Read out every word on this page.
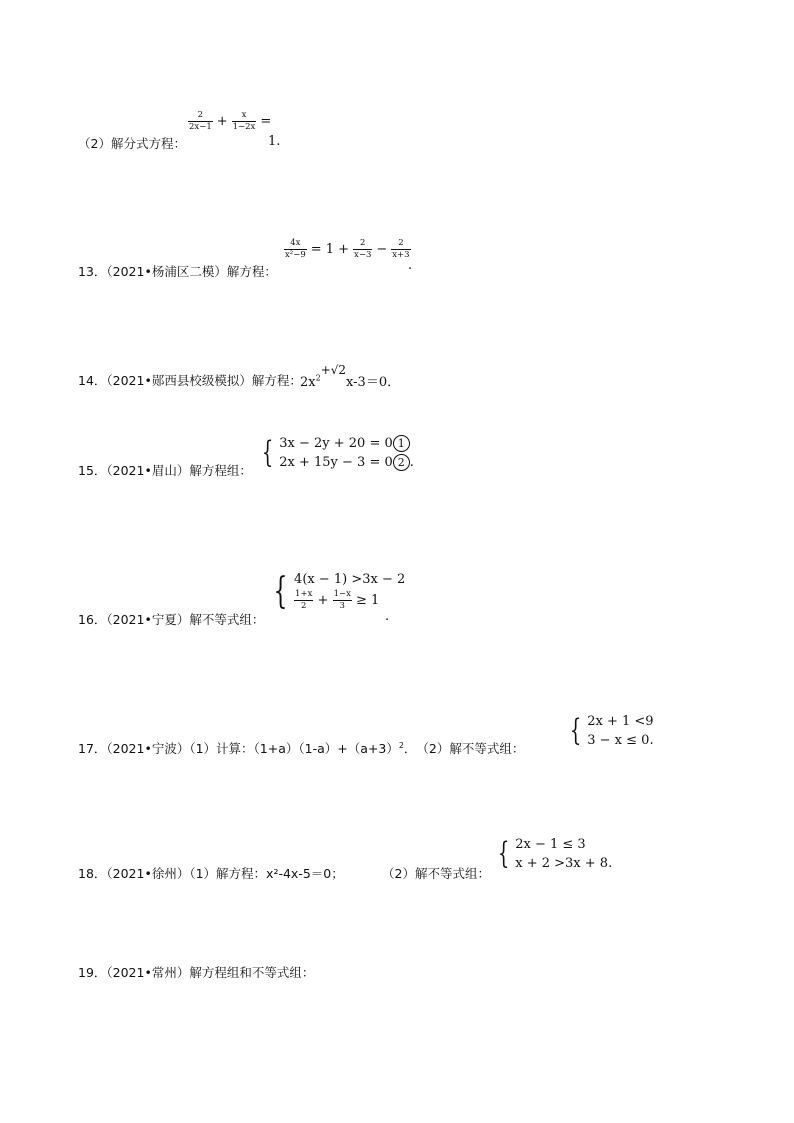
（2）解分式方程：
$\frac{2}{2x-1} + \frac{x}{1-2x}$ =
1.
13．（2021•杨浦区二模）解方程：
$\frac{4x}{\text{x²−9}} = 1 + \frac{2}{x-3} - \frac{2}{x+3}$
.
14．（2021•郧西县校级模拟）解方程：
$2x^2+√2x-3=0$．
15．（2021•眉山）解方程组：
{ 3x − 2y + 20 = 0 1
2x + 15y − 3 = 0 2 .
16．（2021•宁夏）解不等式组：
{ 4(x − 1) >3x − 2
$\frac{1+x}{2} + \frac{1-x}{3} \ge 1$
.
17．（2021•宁波）（1）计算：$(1+a)(1-a)+(a+3)^2$．　（2）解不等式组：
{ 2x + 1 <9
3 − x ≤ 0.
18．（2021•徐州）（1）解方程：x²-4x-5＝0；	（2）解不等式组：
{ 2x − 1 ≤ 3
x + 2 >3x + 8.
19．（2021•常州）解方程组和不等式组：
